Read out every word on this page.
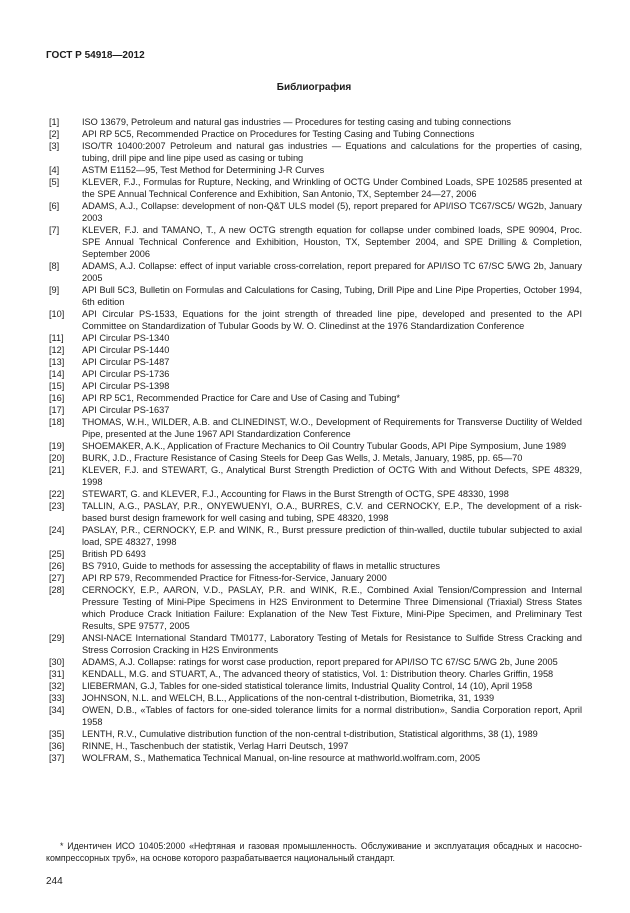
ГОСТ Р 54918—2012
Библиография
[1] ISO 13679, Petroleum and natural gas industries — Procedures for testing casing and tubing connections
[2] API RP 5C5, Recommended Practice on Procedures for Testing Casing and Tubing Connections
[3] ISO/TR 10400:2007 Petroleum and natural gas industries — Equations and calculations for the properties of casing, tubing, drill pipe and line pipe used as casing or tubing
[4] ASTM E1152—95, Test Method for Determining J-R Curves
[5] KLEVER, F.J., Formulas for Rupture, Necking, and Wrinkling of OCTG Under Combined Loads, SPE 102585 presented at the SPE Annual Technical Conference and Exhibition, San Antonio, TX, September 24—27, 2006
[6] ADAMS, A.J., Collapse: development of non-Q&T ULS model (5), report prepared for API/ISO TC67/SC5/ WG2b, January 2003
[7] KLEVER, F.J. and TAMANO, T., A new OCTG strength equation for collapse under combined loads, SPE 90904, Proc. SPE Annual Technical Conference and Exhibition, Houston, TX, September 2004, and SPE Drilling & Completion, September 2006
[8] ADAMS, A.J. Collapse: effect of input variable cross-correlation, report prepared for API/ISO TC 67/SC 5/WG 2b, January 2005
[9] API Bull 5C3, Bulletin on Formulas and Calculations for Casing, Tubing, Drill Pipe and Line Pipe Properties, October 1994, 6th edition
[10] API Circular PS-1533, Equations for the joint strength of threaded line pipe, developed and presented to the API Committee on Standardization of Tubular Goods by W. O. Clinedinst at the 1976 Standardization Conference
[11] API Circular PS-1340
[12] API Circular PS-1440
[13] API Circular PS-1487
[14] API Circular PS-1736
[15] API Circular PS-1398
[16] API RP 5C1, Recommended Practice for Care and Use of Casing and Tubing*
[17] API Circular PS-1637
[18] THOMAS, W.H., WILDER, A.B. and CLINEDINST, W.O., Development of Requirements for Transverse Ductility of Welded Pipe, presented at the June 1967 API Standardization Conference
[19] SHOEMAKER, A.K., Application of Fracture Mechanics to Oil Country Tubular Goods, API Pipe Symposium, June 1989
[20] BURK, J.D., Fracture Resistance of Casing Steels for Deep Gas Wells, J. Metals, January, 1985, pp. 65—70
[21] KLEVER, F.J. and STEWART, G., Analytical Burst Strength Prediction of OCTG With and Without Defects, SPE 48329, 1998
[22] STEWART, G. and KLEVER, F.J., Accounting for Flaws in the Burst Strength of OCTG, SPE 48330, 1998
[23] TALLIN, A.G., PASLAY, P.R., ONYEWUENYI, O.A., BURRES, C.V. and CERNOCKY, E.P., The development of a risk-based burst design framework for well casing and tubing, SPE 48320, 1998
[24] PASLAY, P.R., CERNOCKY, E.P. and WINK, R., Burst pressure prediction of thin-walled, ductile tubular subjected to axial load, SPE 48327, 1998
[25] British PD 6493
[26] BS 7910, Guide to methods for assessing the acceptability of flaws in metallic structures
[27] API RP 579, Recommended Practice for Fitness-for-Service, January 2000
[28] CERNOCKY, E.P., AARON, V.D., PASLAY, P.R. and WINK, R.E., Combined Axial Tension/Compression and Internal Pressure Testing of Mini-Pipe Specimens in H2S Environment to Determine Three Dimensional (Triaxial) Stress States which Produce Crack Initiation Failure: Explanation of the New Test Fixture, Mini-Pipe Specimen, and Preliminary Test Results, SPE 97577, 2005
[29] ANSI-NACE International Standard TM0177, Laboratory Testing of Metals for Resistance to Sulfide Stress Cracking and Stress Corrosion Cracking in H2S Environments
[30] ADAMS, A.J. Collapse: ratings for worst case production, report prepared for API/ISO TC 67/SC 5/WG 2b, June 2005
[31] KENDALL, M.G. and STUART, A., The advanced theory of statistics, Vol. 1: Distribution theory. Charles Griffin, 1958
[32] LIEBERMAN, G.J, Tables for one-sided statistical tolerance limits, Industrial Quality Control, 14 (10), April 1958
[33] JOHNSON, N.L. and WELCH, B.L., Applications of the non-central t-distribution, Biometrika, 31, 1939
[34] OWEN, D.B., «Tables of factors for one-sided tolerance limits for a normal distribution», Sandia Corporation report, April 1958
[35] LENTH, R.V., Cumulative distribution function of the non-central t-distribution, Statistical algorithms, 38 (1), 1989
[36] RINNE, H., Taschenbuch der statistik, Verlag Harri Deutsch, 1997
[37] WOLFRAM, S., Mathematica Technical Manual, on-line resource at mathworld.wolfram.com, 2005
* Идентичен ИСО 10405:2000 «Нефтяная и газовая промышленность. Обслуживание и эксплуатация обсадных и насосно-компрессорных труб», на основе которого разрабатывается национальный стандарт.
244
